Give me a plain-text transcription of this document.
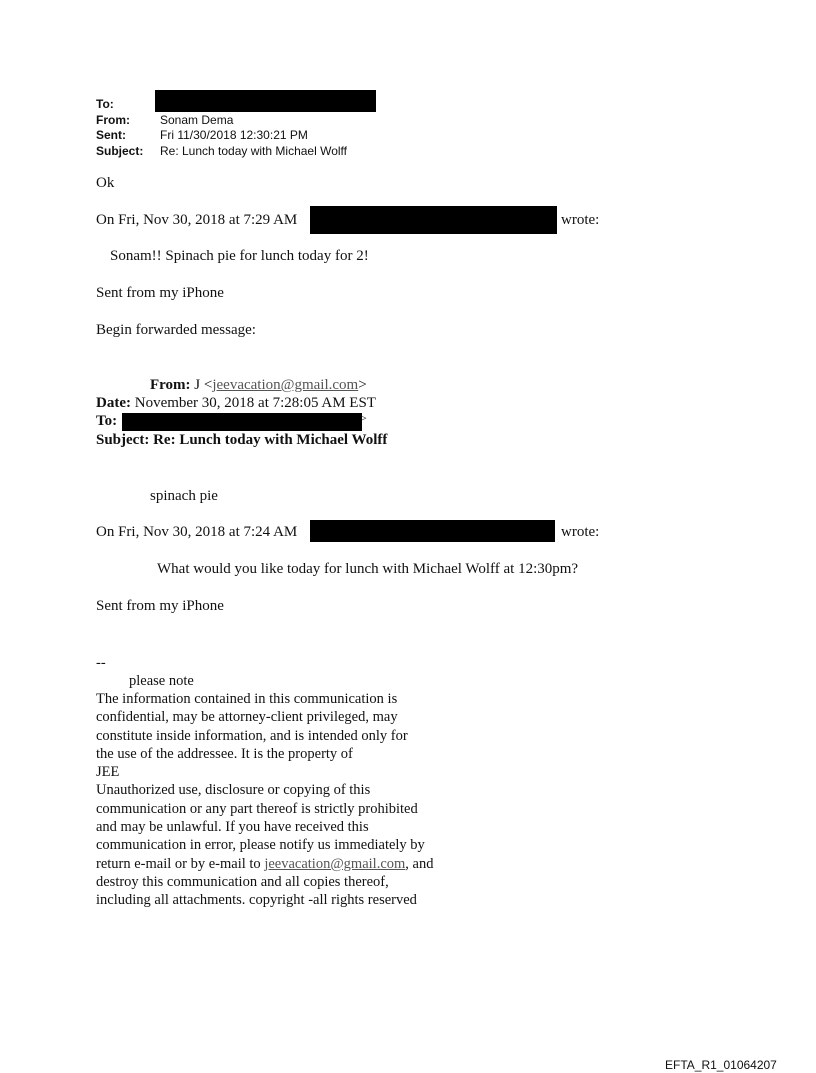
To:
From:	Sonam Dema
Sent:	Fri 11/30/2018 12:30:21 PM
Subject: Re: Lunch today with Michael Wolff
Ok
On Fri, Nov 30, 2018 at 7:29 AM	wrote:
Sonam!! Spinach pie for lunch today for 2!
Sent from my iPhone
Begin forwarded message:
From: J <jeevacation@gmail.com>
Date: November 30, 2018 at 7:28:05 AM EST
To:	>
Subject: Re: Lunch today with Michael Wolff
spinach pie
On Fri, Nov 30, 2018 at 7:24 AM	wrote:
What would you like today for lunch with Michael Wolff at 12:30pm?
Sent from my iPhone
--
please note
The information contained in this communication is
confidential, may be attorney-client privileged, may
constitute inside information, and is intended only for
the use of the addressee. It is the property of
JEE
Unauthorized use, disclosure or copying of this
communication or any part thereof is strictly prohibited
and may be unlawful. If you have received this
communication in error, please notify us immediately by
return e-mail or by e-mail to jeevacation@gmail.com, and
destroy this communication and all copies thereof,
including all attachments. copyright -all rights reserved
EFTA_R1_01064207
